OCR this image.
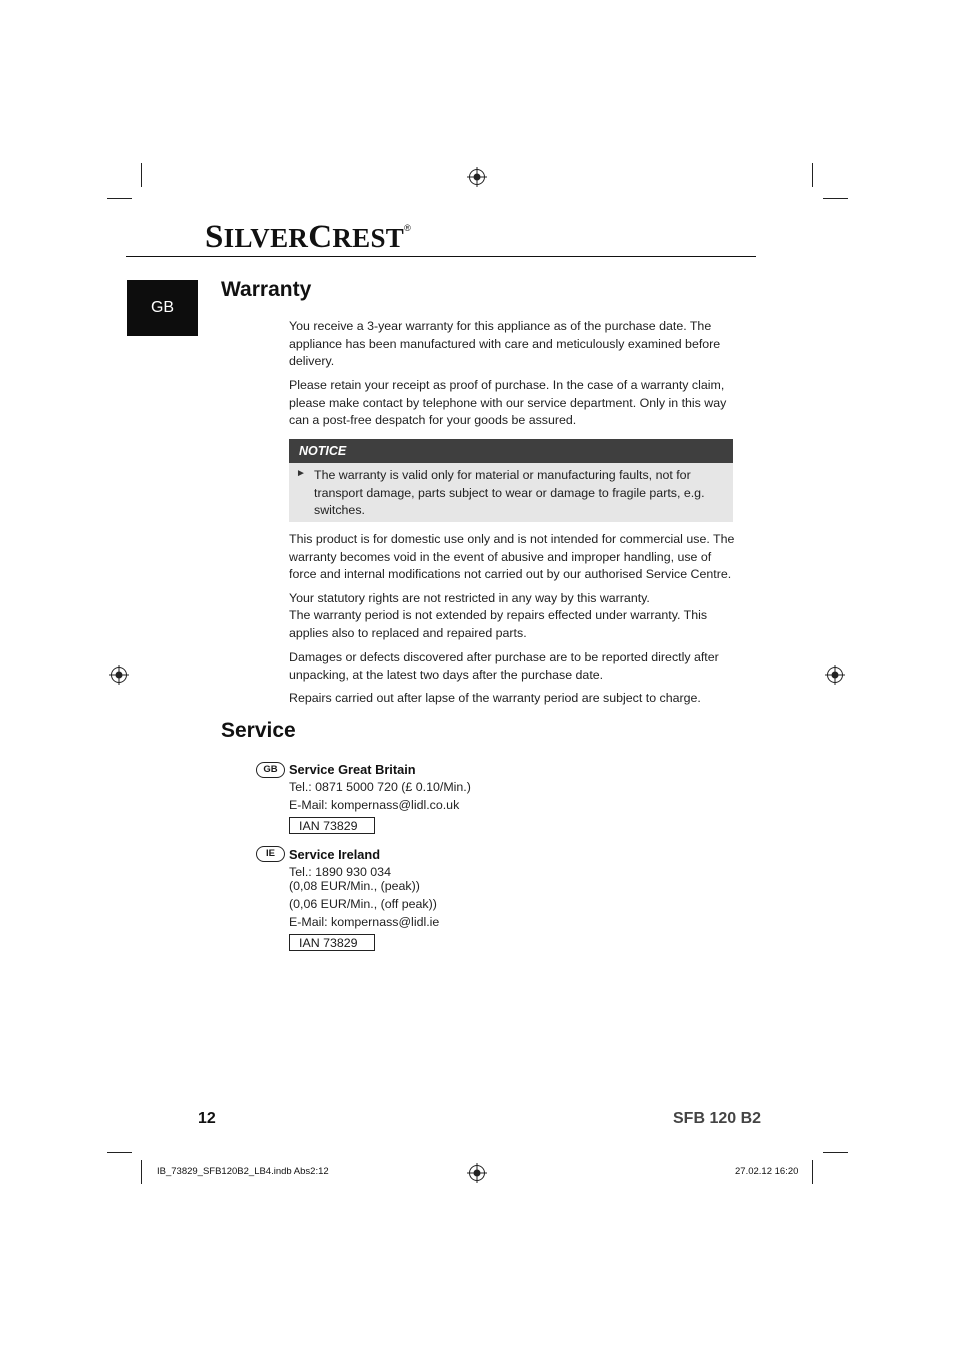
SILVERCREST®
GB
Warranty

You receive a 3-year warranty for this appliance as of the purchase date. The appliance has been manufactured with care and meticulously examined before delivery.

Please retain your receipt as proof of purchase. In the case of a warranty claim, please make contact by telephone with our service department. Only in this way can a post-free despatch for your goods be assured.

NOTICE
► The warranty is valid only for material or manufacturing faults, not for transport damage, parts subject to wear or damage to fragile parts, e.g. switches.

This product is for domestic use only and is not intended for commercial use. The warranty becomes void in the event of abusive and improper handling, use of force and internal modifications not carried out by our authorised Service Centre.

Your statutory rights are not restricted in any way by this warranty.

The warranty period is not extended by repairs effected under warranty. This applies also to replaced and repaired parts.

Damages or defects discovered after purchase are to be reported directly after unpacking, at the latest two days after the purchase date.

Repairs carried out after lapse of the warranty period are subject to charge.

Service
GB Service Great Britain
Tel.: 0871 5000 720 (£ 0.10/Min.)
E-Mail: kompernass@lidl.co.uk
IAN 73829
IE	Service Ireland
Tel.: 1890 930 034
(0,08 EUR/Min., (peak))
(0,06 EUR/Min., (off peak))
E-Mail: kompernass@lidl.ie
IAN 73829
12	SFB 120 B2
IB_73829_SFB120B2_LB4.indb Abs2:12	27.02.12 16:20
